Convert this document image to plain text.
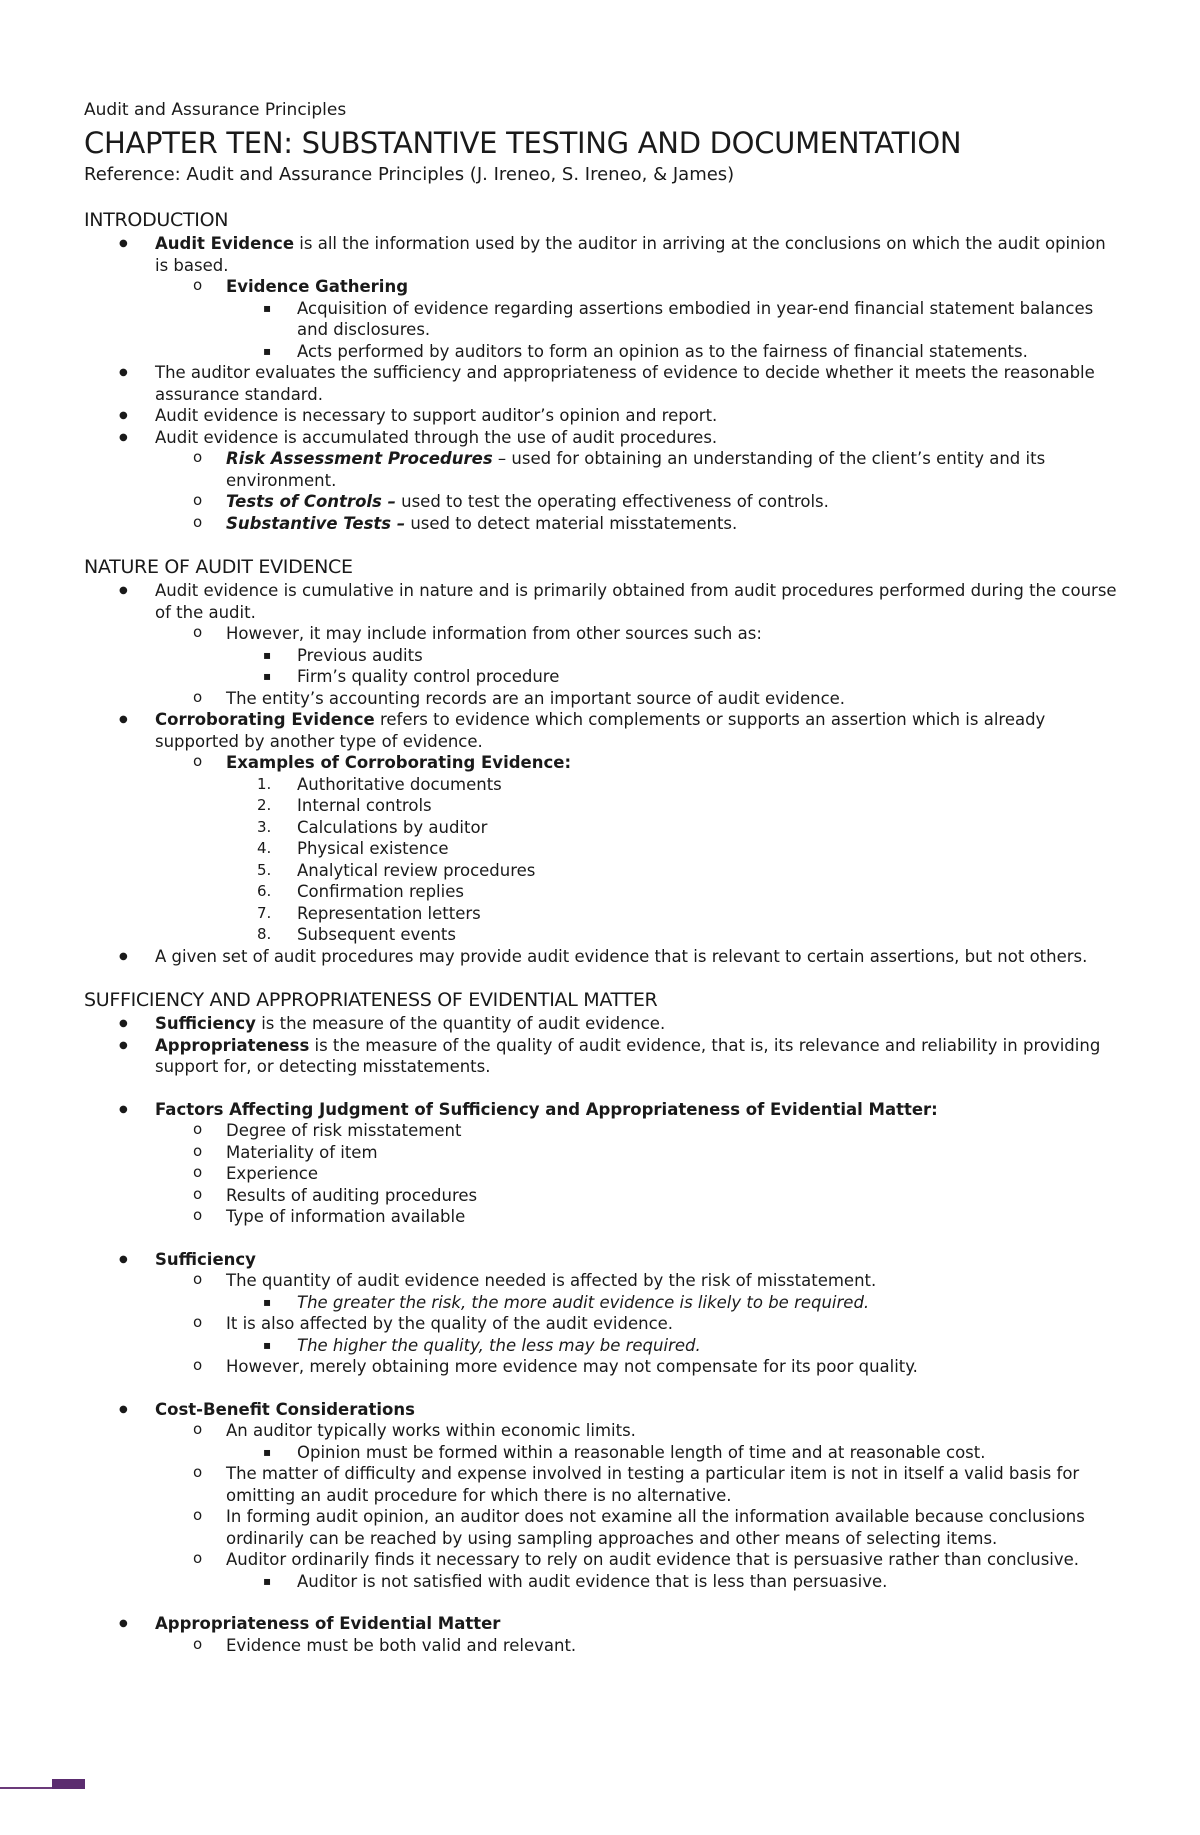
Audit and Assurance Principles
CHAPTER TEN: SUBSTANTIVE TESTING AND DOCUMENTATION
Reference: Audit and Assurance Principles (J. Ireneo, S. Ireneo, & James)
INTRODUCTION
● Audit Evidence is all the information used by the auditor in arriving at the conclusions on which the audit opinion is based.
o Evidence Gathering
▪ Acquisition of evidence regarding assertions embodied in year-end financial statement balances and disclosures.
▪ Acts performed by auditors to form an opinion as to the fairness of financial statements.
● The auditor evaluates the sufficiency and appropriateness of evidence to decide whether it meets the reasonable assurance standard.
● Audit evidence is necessary to support auditor’s opinion and report.
● Audit evidence is accumulated through the use of audit procedures.
o Risk Assessment Procedures – used for obtaining an understanding of the client’s entity and its environment.
o Tests of Controls – used to test the operating effectiveness of controls.
o Substantive Tests – used to detect material misstatements.
NATURE OF AUDIT EVIDENCE
● Audit evidence is cumulative in nature and is primarily obtained from audit procedures performed during the course of the audit.
o However, it may include information from other sources such as:
▪ Previous audits
▪ Firm’s quality control procedure
o The entity’s accounting records are an important source of audit evidence.
● Corroborating Evidence refers to evidence which complements or supports an assertion which is already supported by another type of evidence.
o Examples of Corroborating Evidence:
1. Authoritative documents
2. Internal controls
3. Calculations by auditor
4. Physical existence
5. Analytical review procedures
6. Confirmation replies
7. Representation letters
8. Subsequent events
● A given set of audit procedures may provide audit evidence that is relevant to certain assertions, but not others.
SUFFICIENCY AND APPROPRIATENESS OF EVIDENTIAL MATTER
● Sufficiency is the measure of the quantity of audit evidence.
● Appropriateness is the measure of the quality of audit evidence, that is, its relevance and reliability in providing support for, or detecting misstatements.
● Factors Affecting Judgment of Sufficiency and Appropriateness of Evidential Matter:
o Degree of risk misstatement
o Materiality of item
o Experience
o Results of auditing procedures
o Type of information available
● Sufficiency
o The quantity of audit evidence needed is affected by the risk of misstatement.
▪ The greater the risk, the more audit evidence is likely to be required.
o It is also affected by the quality of the audit evidence.
▪ The higher the quality, the less may be required.
o However, merely obtaining more evidence may not compensate for its poor quality.
● Cost-Benefit Considerations
o An auditor typically works within economic limits.
▪ Opinion must be formed within a reasonable length of time and at reasonable cost.
o The matter of difficulty and expense involved in testing a particular item is not in itself a valid basis for omitting an audit procedure for which there is no alternative.
o In forming audit opinion, an auditor does not examine all the information available because conclusions ordinarily can be reached by using sampling approaches and other means of selecting items.
o Auditor ordinarily finds it necessary to rely on audit evidence that is persuasive rather than conclusive.
▪ Auditor is not satisfied with audit evidence that is less than persuasive.
● Appropriateness of Evidential Matter
o Evidence must be both valid and relevant.
